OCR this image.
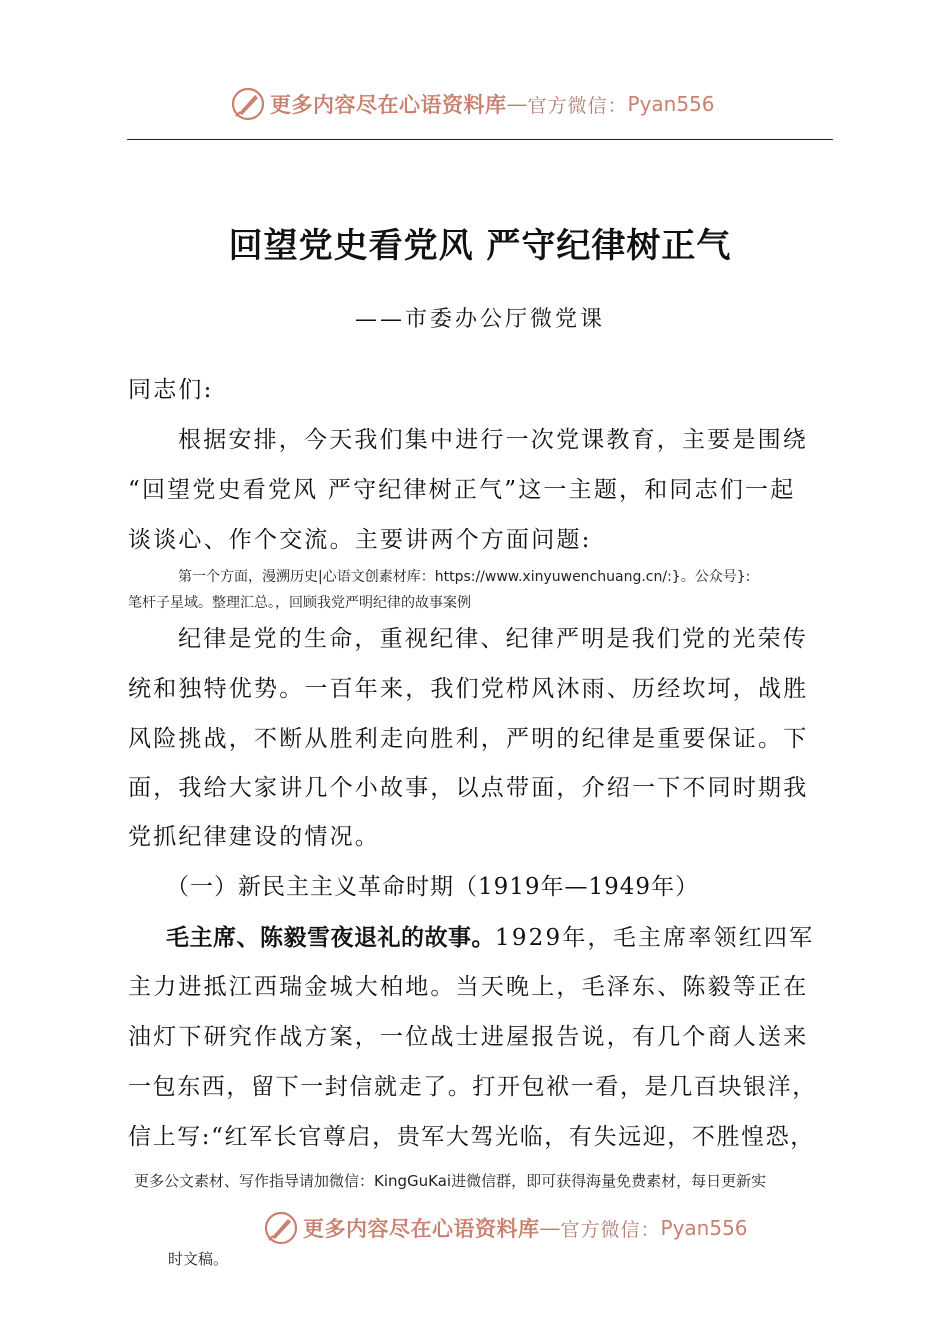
更多内容尽在心语资料库 — 官方微信： Pyan556
回望党史看党风 严守纪律树正气
——市委办公厅微党课
同志们:
根据安排，今天我们集中进行一次党课教育，主要是围绕
“回望党史看党风 严守纪律树正气”这一主题，和同志们一起
谈谈心、作个交流。主要讲两个方面问题:
第一个方面，漫溯历史|心语文创素材库：https://www.xinyuwenchuang.cn/:}。公众号}:
笔杆子星域。整理汇总。，回顾我党严明纪律的故事案例
纪律是党的生命，重视纪律、纪律严明是我们党的光荣传
统和独特优势。一百年来，我们党栉风沐雨、历经坎坷，战胜
风险挑战，不断从胜利走向胜利，严明的纪律是重要保证。下
面，我给大家讲几个小故事，以点带面，介绍一下不同时期我
党抓纪律建设的情况。
（一）新民主主义革命时期（1919年—1949年）
毛主席、陈毅雪夜退礼的故事。1929年，毛主席率领红四军
主力进抵江西瑞金城大柏地。当天晚上，毛泽东、陈毅等正在
油灯下研究作战方案，一位战士进屋报告说，有几个商人送来
一包东西，留下一封信就走了。打开包袱一看，是几百块银洋，
信上写:“红军长官尊启，贵军大驾光临，有失远迎，不胜惶恐，
更多公文素材、写作指导请加微信：KingGuKai进微信群，即可获得海量免费素材，每日更新实
更多内容尽在心语资料库 — 官方微信： Pyan556
时文稿。
